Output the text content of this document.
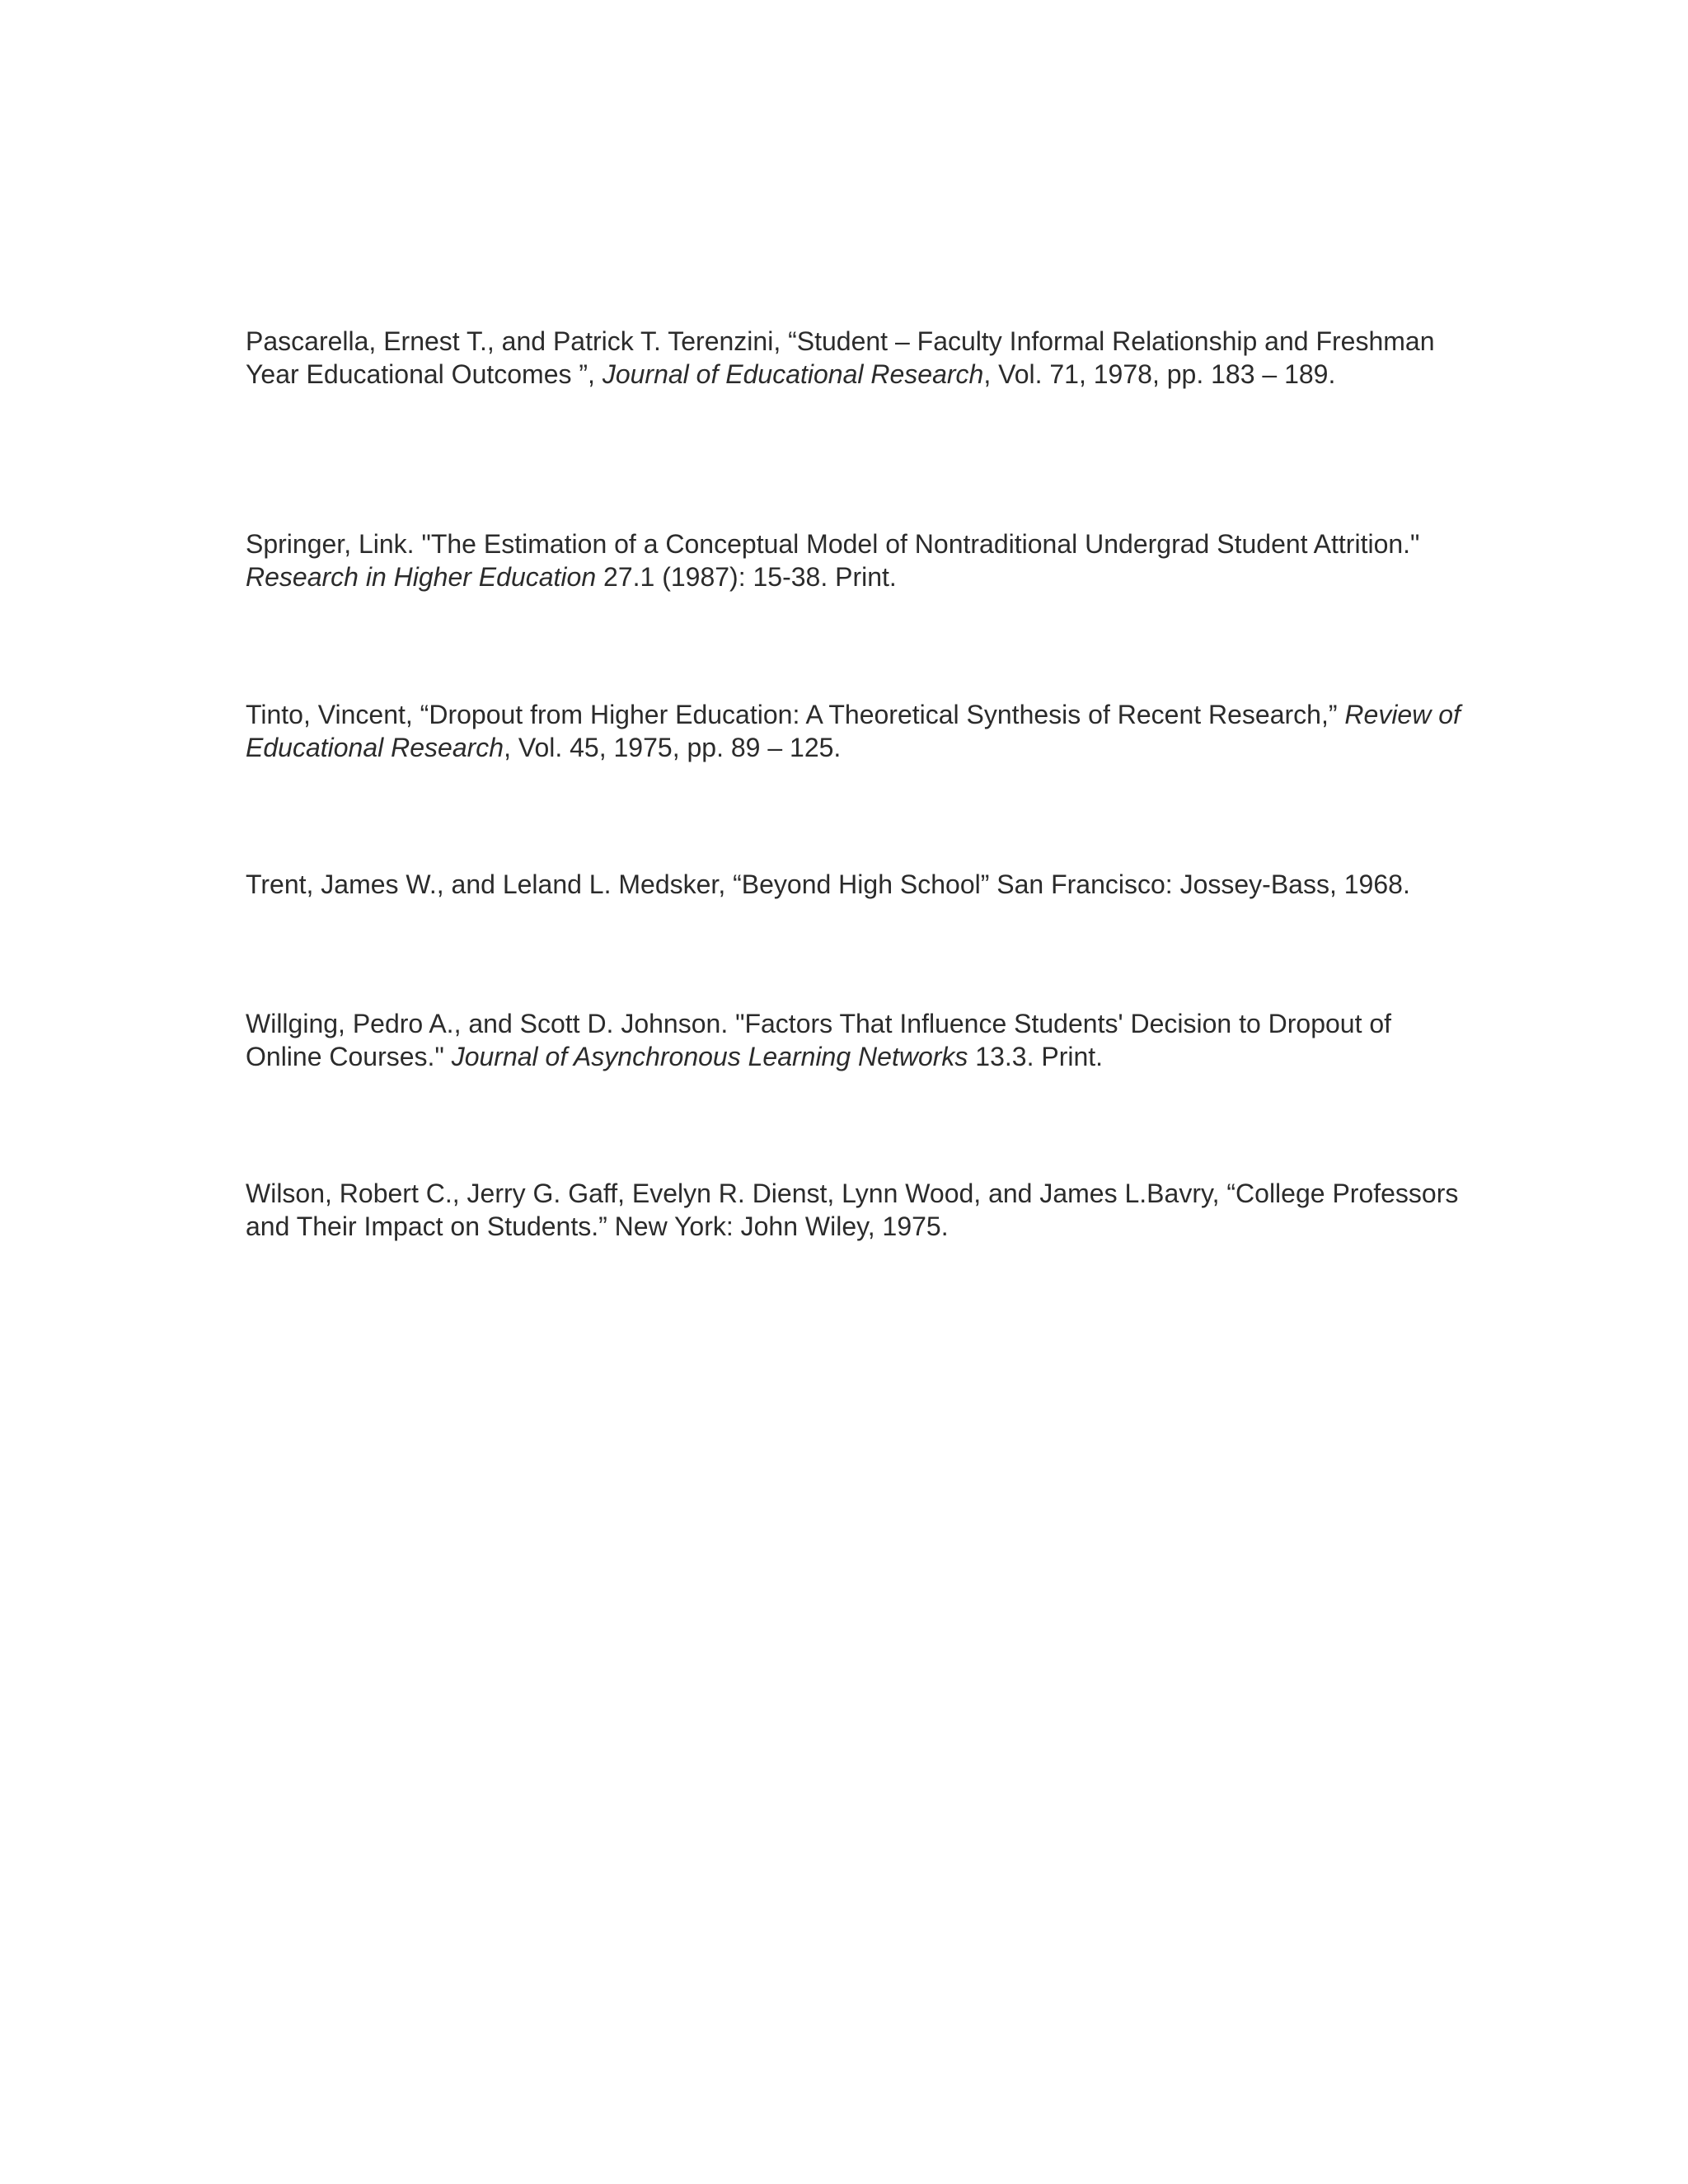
Pascarella, Ernest T., and Patrick T. Terenzini, “Student – Faculty Informal Relationship and Freshman Year Educational Outcomes ”, Journal of Educational Research, Vol. 71, 1978, pp. 183 – 189.
Springer, Link. "The Estimation of a Conceptual Model of Nontraditional Undergrad Student Attrition." Research in Higher Education 27.1 (1987): 15-38. Print.
Tinto, Vincent, “Dropout from Higher Education: A Theoretical Synthesis of Recent Research,” Review of Educational Research, Vol. 45, 1975, pp. 89 – 125.
Trent, James W., and Leland L. Medsker, “Beyond High School” San Francisco: Jossey-Bass, 1968.
Willging, Pedro A., and Scott D. Johnson. "Factors That Influence Students' Decision to Dropout of Online Courses." Journal of Asynchronous Learning Networks 13.3. Print.
Wilson, Robert C., Jerry G. Gaff, Evelyn R. Dienst, Lynn Wood, and James L.Bavry, “College Professors and Their Impact on Students.” New York: John Wiley, 1975.
